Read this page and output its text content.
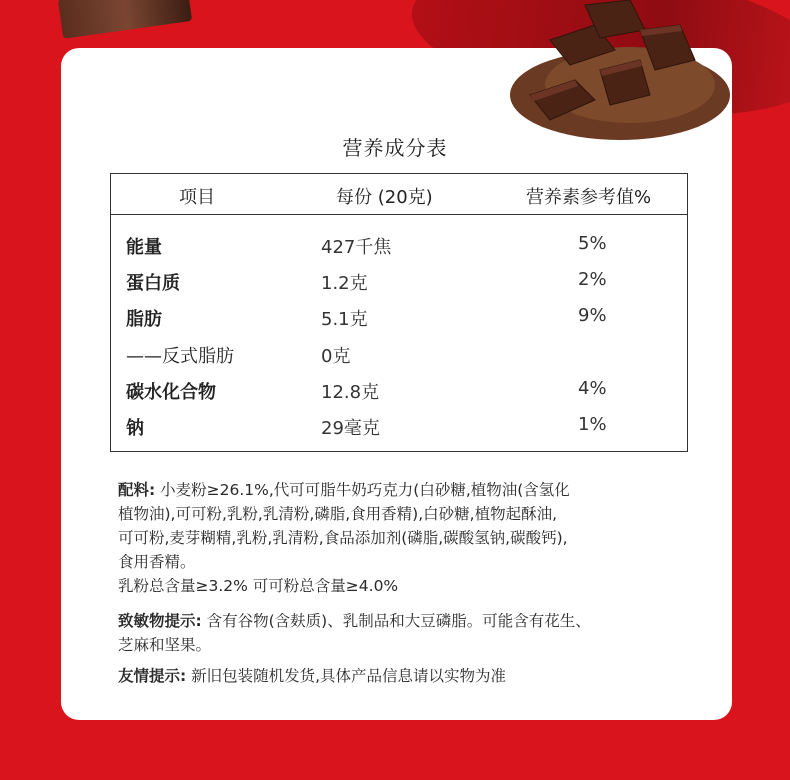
营养成分表
项目	每份 (20克)	营养素参考值%
能量	427千焦	5%
蛋白质	1.2克	2%
脂肪	5.1克	9%
——反式脂肪	0克
碳水化合物	12.8克	4%
钠	29毫克	1%
配料: 小麦粉≥26.1%,代可可脂牛奶巧克力(白砂糖,植物油(含氢化
植物油),可可粉,乳粉,乳清粉,磷脂,食用香精),白砂糖,植物起酥油,
可可粉,麦芽糊精,乳粉,乳清粉,食品添加剂(磷脂,碳酸氢钠,碳酸钙),
食用香精。
乳粉总含量≥3.2% 可可粉总含量≥4.0%
致敏物提示: 含有谷物(含麸质)、乳制品和大豆磷脂。可能含有花生、
芝麻和坚果。
友情提示: 新旧包装随机发货,具体产品信息请以实物为准
